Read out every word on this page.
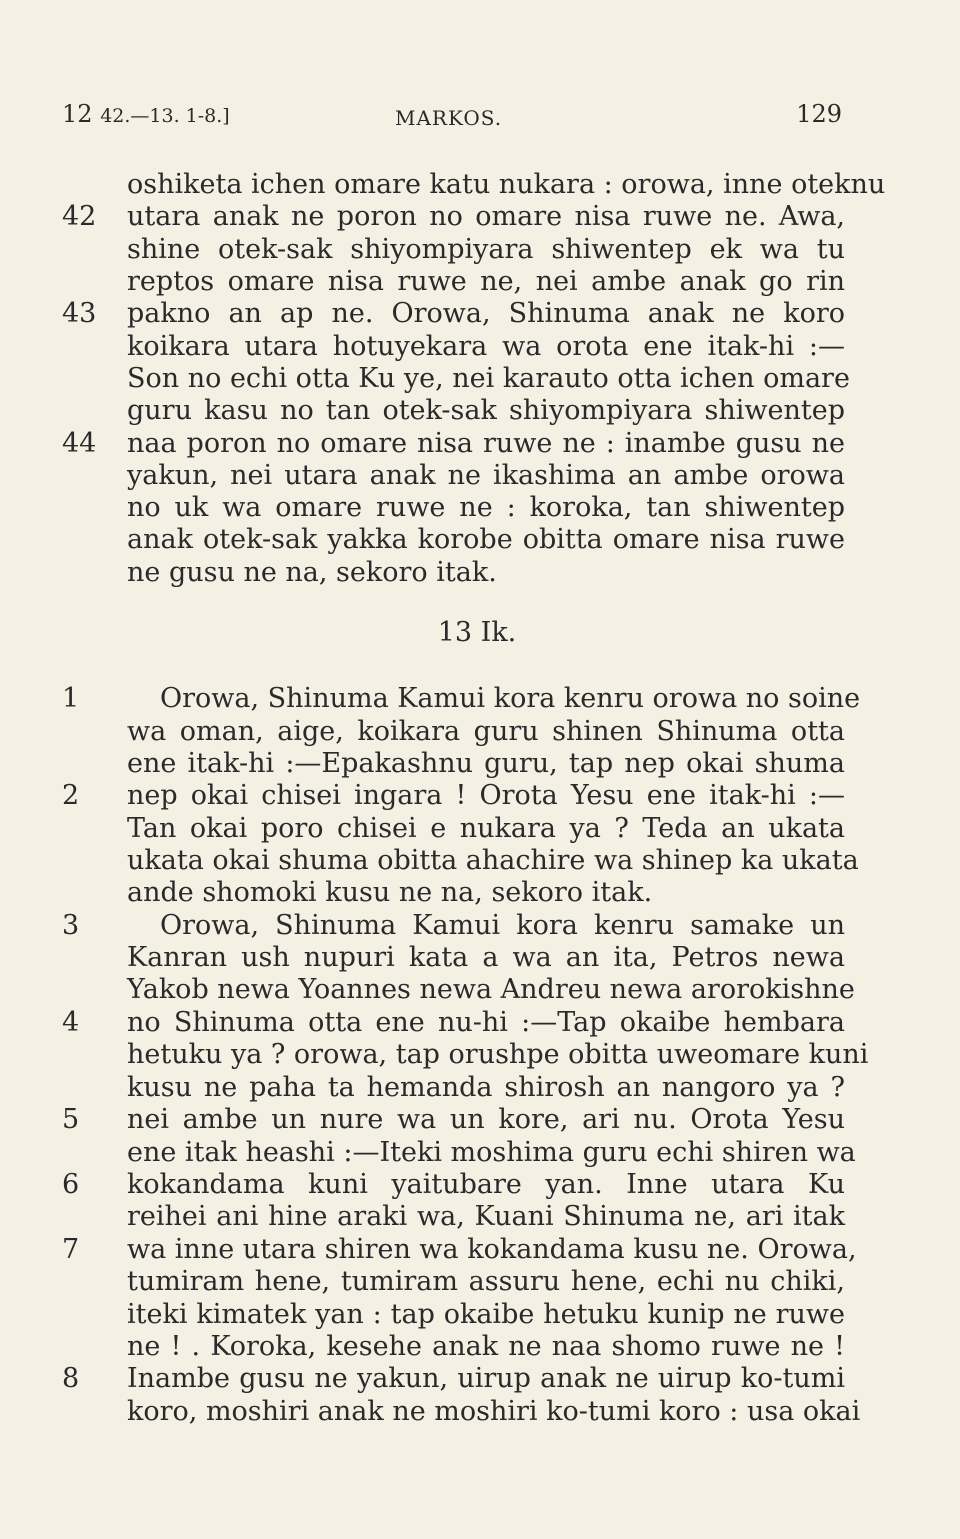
12 42.—13. 1-8.]	MARKOS.	129
oshiketa ichen omare katu nukara : orowa, inne oteknu
42 utara anak ne poron no omare nisa ruwe ne. Awa,
shine otek-sak shiyompiyara shiwentep ek wa tu
reptos omare nisa ruwe ne, nei ambe anak go rin
43 pakno an ap ne. Orowa, Shinuma anak ne koro
koikara utara hotuyekara wa orota ene itak-hi :—
Son no echi otta Ku ye, nei karauto otta ichen omare
guru kasu no tan otek-sak shiyompiyara shiwentep
44 naa poron no omare nisa ruwe ne : inambe gusu ne
yakun, nei utara anak ne ikashima an ambe orowa
no uk wa omare ruwe ne : koroka, tan shiwentep
anak otek-sak yakka korobe obitta omare nisa ruwe
ne gusu ne na, sekoro itak.
1	Orowa, Shinuma Kamui kora kenru orowa no soine
wa oman, aige, koikara guru shinen Shinuma otta
ene itak-hi :—Epakashnu guru, tap nep okai shuma
2	nep okai chisei ingara ! Orota Yesu ene itak-hi :—
Tan okai poro chisei e nukara ya ? Teda an ukata
ukata okai shuma obitta ahachire wa shinep ka ukata
ande shomoki kusu ne na, sekoro itak.
3	Orowa, Shinuma Kamui kora kenru samake un
Kanran ush nupuri kata a wa an ita, Petros newa
Yakob newa Yoannes newa Andreu newa arorokishne
4	no Shinuma otta ene nu-hi :—Tap okaibe hembara
hetuku ya ? orowa, tap orushpe obitta uweomare kuni
kusu ne paha ta hemanda shirosh an nangoro ya ?
5	nei ambe un nure wa un kore, ari nu. Orota Yesu
ene itak heashi :—Iteki moshima guru echi shiren wa
6	kokandama kuni yaitubare yan. Inne utara Ku
reihei ani hine araki wa, Kuani Shinuma ne, ari itak
7	wa inne utara shiren wa kokandama kusu ne. Orowa,
tumiram hene, tumiram assuru hene, echi nu chiki,
iteki kimatek yan : tap okaibe hetuku kunip ne ruwe
ne ! . Koroka, kesehe anak ne naa shomo ruwe ne !
8	Inambe gusu ne yakun, uirup anak ne uirup ko-tumi
koro, moshiri anak ne moshiri ko-tumi koro : usa okai
13 Ik.
